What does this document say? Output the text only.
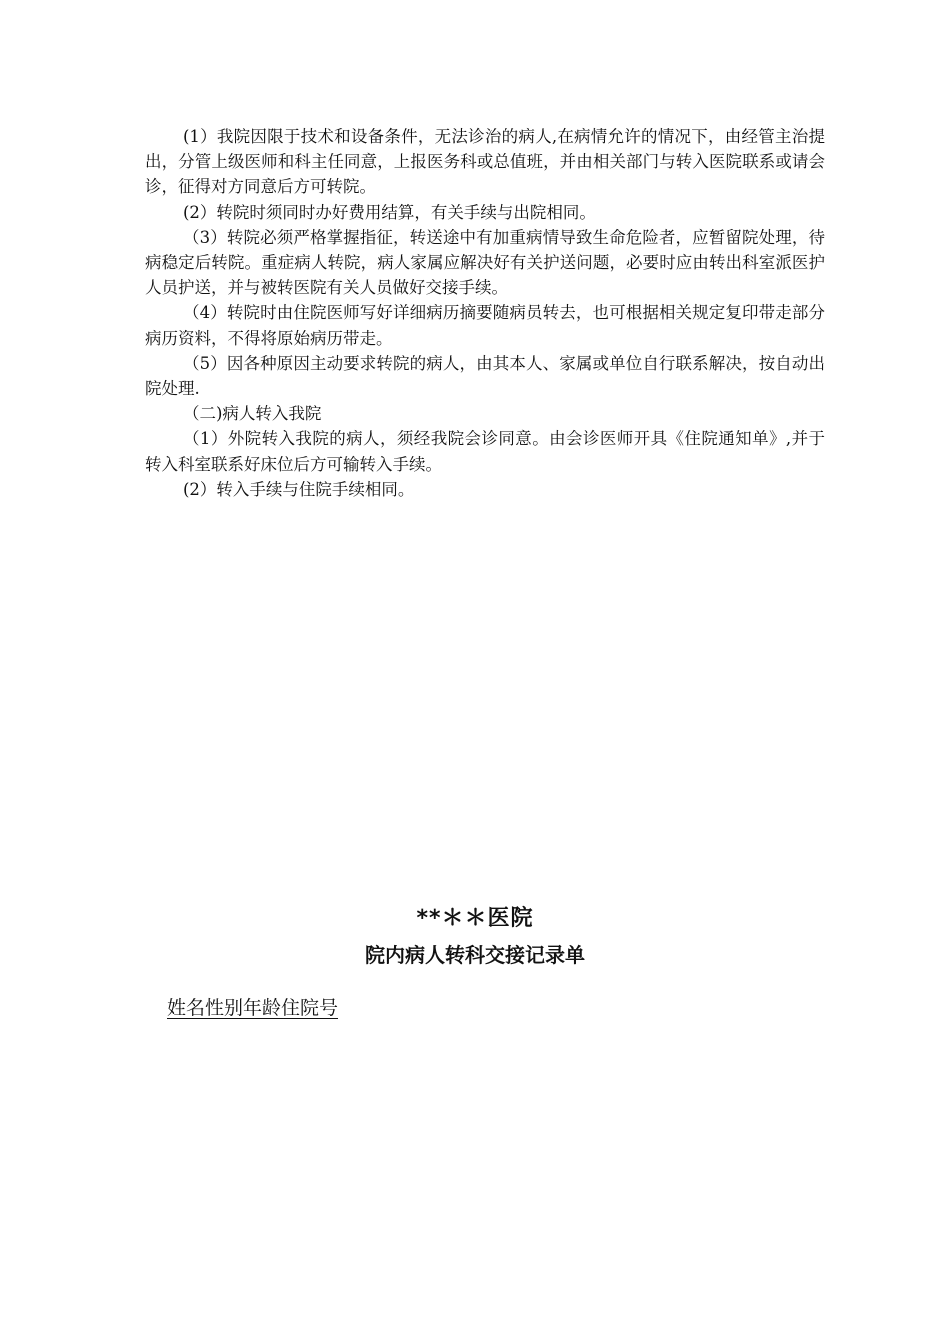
(1）我院因限于技术和设备条件，无法诊治的病人,在病情允许的情况下，由经管主治提出，分管上级医师和科主任同意，上报医务科或总值班，并由相关部门与转入医院联系或请会诊，征得对方同意后方可转院。

(2）转院时须同时办好费用结算，有关手续与出院相同。

（3）转院必须严格掌握指征，转送途中有加重病情导致生命危险者，应暂留院处理，待病稳定后转院。重症病人转院，病人家属应解决好有关护送问题，必要时应由转出科室派医护人员护送，并与被转医院有关人员做好交接手续。

（4）转院时由住院医师写好详细病历摘要随病员转去，也可根据相关规定复印带走部分病历资料，不得将原始病历带走。

（5）因各种原因主动要求转院的病人，由其本人、家属或单位自行联系解决，按自动出院处理.

（二)病人转入我院

（1）外院转入我院的病人，须经我院会诊同意。由会诊医师开具《住院通知单》,并于转入科室联系好床位后方可输转入手续。

(2）转入手续与住院手续相同。

**＊＊医院

院内病人转科交接记录单

姓名性别年龄住院号
